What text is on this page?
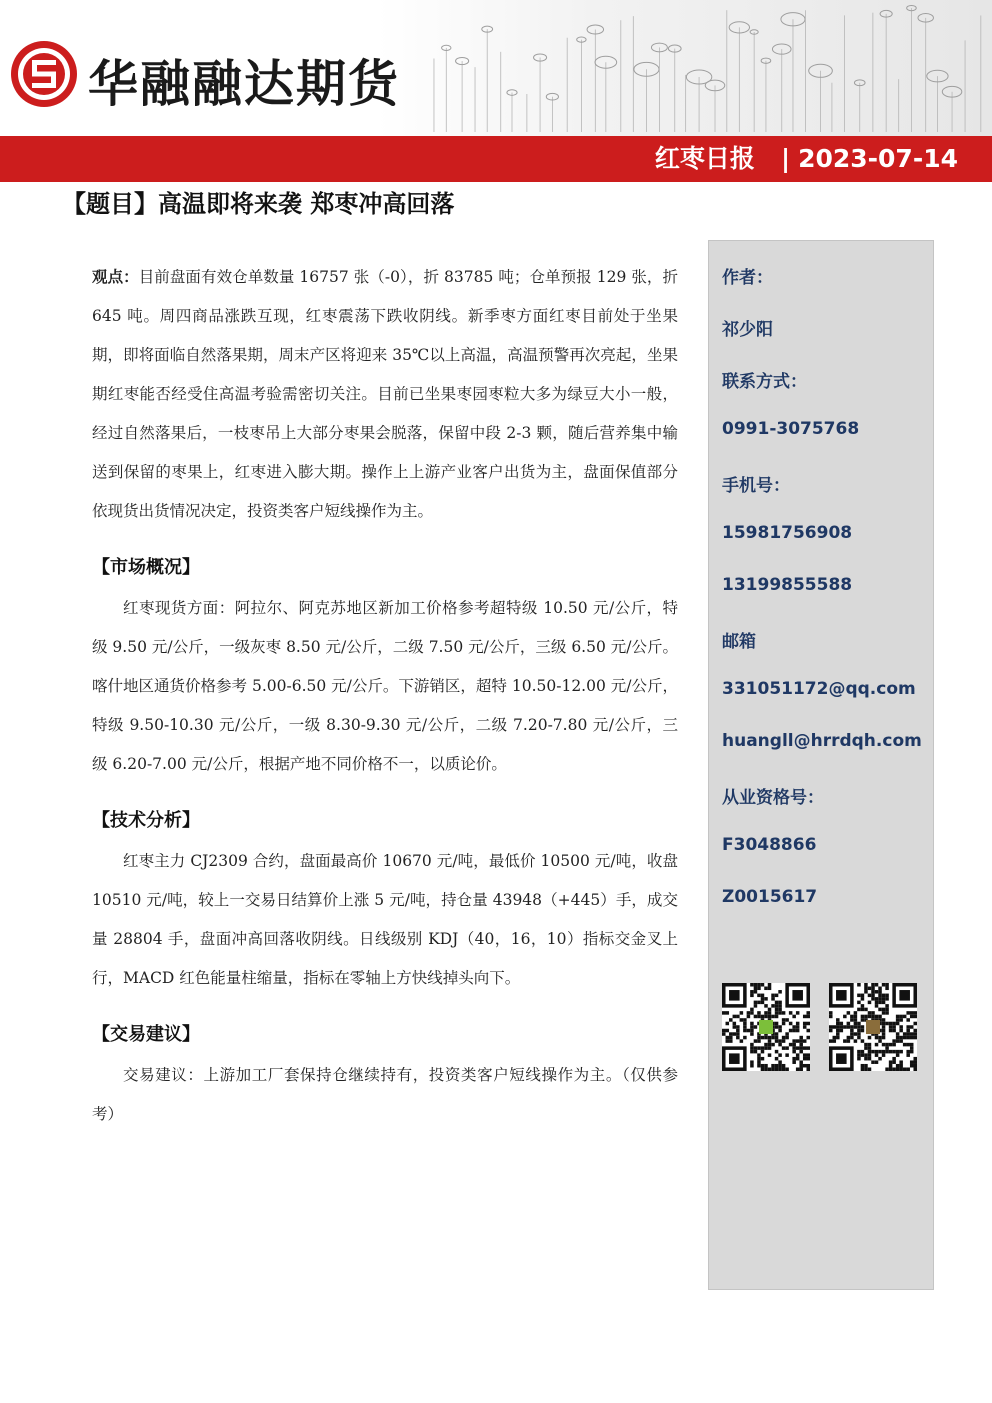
华融融达期货
红枣日报 | 2023-07-14
【题目】高温即将来袭 郑枣冲高回落

观点：目前盘面有效仓单数量 16757 张（-0），折 83785 吨；仓单预报 129 张，折 645 吨。周四商品涨跌互现，红枣震荡下跌收阴线。新季枣方面红枣目前处于坐果期，即将面临自然落果期，周末产区将迎来 35℃以上高温，高温预警再次亮起，坐果期红枣能否经受住高温考验需密切关注。目前已坐果枣园枣粒大多为绿豆大小一般，经过自然落果后，一枝枣吊上大部分枣果会脱落，保留中段 2-3 颗，随后营养集中输送到保留的枣果上，红枣进入膨大期。操作上上游产业客户出货为主，盘面保值部分依现货出货情况决定，投资类客户短线操作为主。

【市场概况】

红枣现货方面：阿拉尔、阿克苏地区新加工价格参考超特级 10.50 元/公斤，特级 9.50 元/公斤，一级灰枣 8.50 元/公斤，二级 7.50 元/公斤，三级 6.50 元/公斤。喀什地区通货价格参考 5.00-6.50 元/公斤。下游销区，超特 10.50-12.00 元/公斤，特级 9.50-10.30 元/公斤，一级 8.30-9.30 元/公斤，二级 7.20-7.80 元/公斤，三级 6.20-7.00 元/公斤，根据产地不同价格不一，以质论价。

【技术分析】

红枣主力 CJ2309 合约，盘面最高价 10670 元/吨，最低价 10500 元/吨，收盘 10510 元/吨，较上一交易日结算价上涨 5 元/吨，持仓量 43948（+445）手，成交量 28804 手，盘面冲高回落收阴线。日线级别 KDJ（40，16，10）指标交金叉上行，MACD 红色能量柱缩量，指标在零轴上方快线掉头向下。

【交易建议】

交易建议：上游加工厂套保持仓继续持有，投资类客户短线操作为主。（仅供参考）

作者：
祁少阳
联系方式：
0991-3075768
手机号：
15981756908
13199855588
邮箱
331051172@qq.com
huangll@hrrdqh.com
从业资格号：
F3048866
Z0015617
